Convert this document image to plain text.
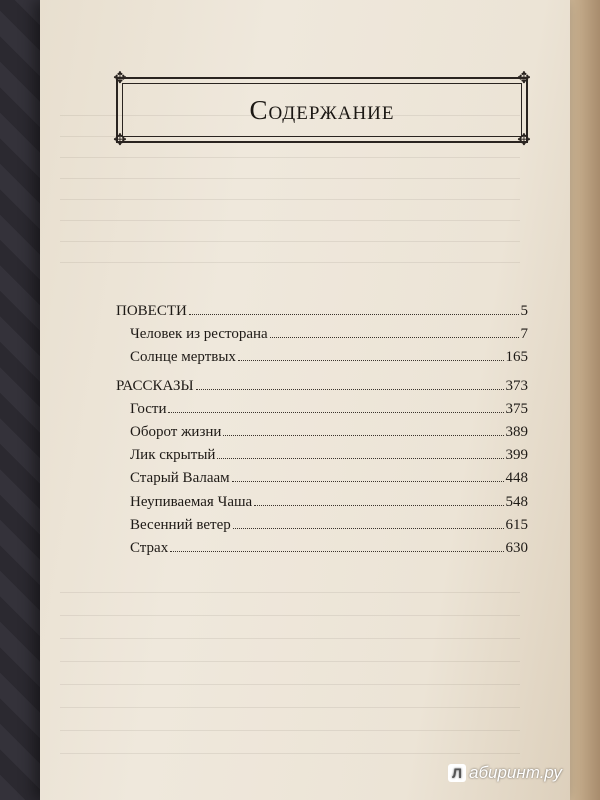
✥	✥
✥	✥
Содержание
ПОВЕСТИ	5
Человек из ресторана	7
Солнце мертвых	165
РАССКАЗЫ	373
Гости	375
Оборот жизни	389
Лик скрытый	399
Старый Валаам	448
Неупиваемая Чаша	548
Весенний ветер	615
Страх	630
Л абиринт.ру
